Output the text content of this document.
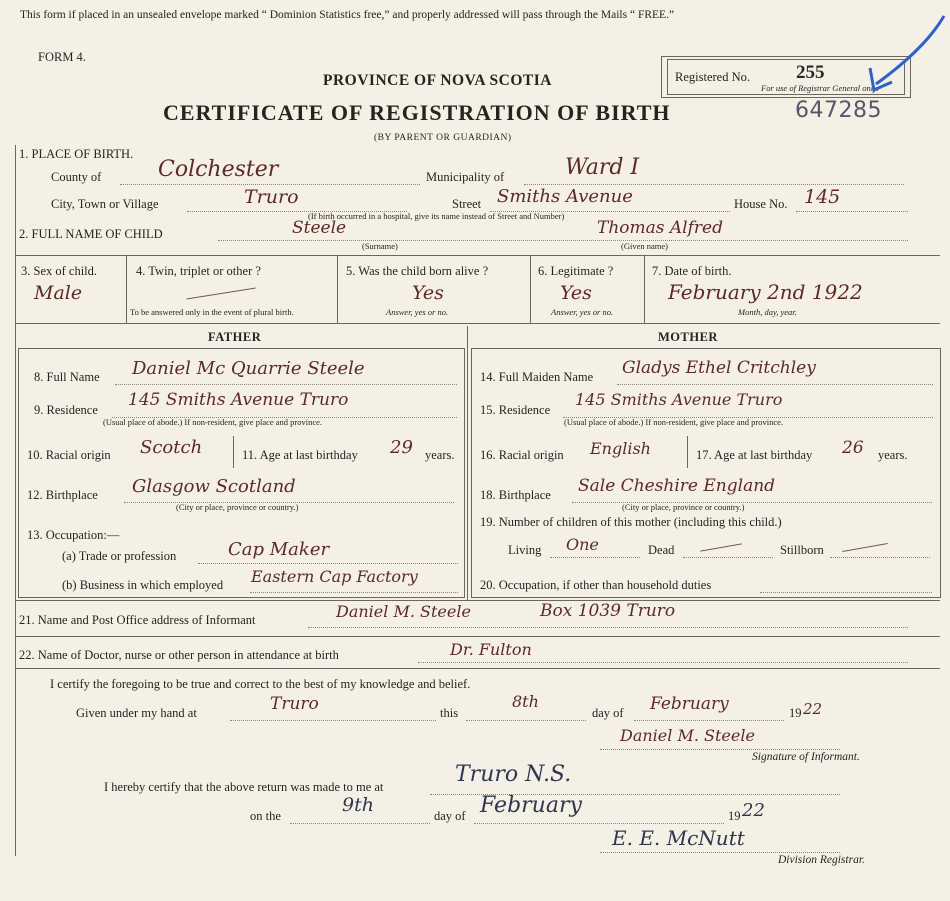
This form if placed in an unsealed envelope marked “ Dominion Statistics free,” and properly addressed will pass through the Mails “ FREE.”
FORM 4.
PROVINCE OF NOVA SCOTIA
CERTIFICATE OF REGISTRATION OF BIRTH
(BY PARENT OR GUARDIAN)
Registered No. 255
For use of Registrar General only.
647285
1. PLACE OF BIRTH.
County of	Colchester	Municipality of	Ward I
City, Town or Village	Truro	Street Smiths Avenue	House No. 145
(If birth occurred in a hospital, give its name instead of Street and Number)
2. FULL NAME OF CHILD	Steele	Thomas Alfred
(Surname)	(Given name)
3. Sex of child.
Male
4. Twin, triplet or other ?
To be answered only in the event of plural birth.
5. Was the child born alive ?
Yes
Answer, yes or no.
6. Legitimate ?
Yes
Answer, yes or no.
7. Date of birth.
February 2nd 1922
Month, day, year.
FATHER	MOTHER
8. Full Name Daniel Mc Quarrie Steele
9. Residence 145 Smiths Avenue Truro
(Usual place of abode.) If non-resident, give place and province.
10. Racial origin Scotch	11. Age at last birthday 29 years.
12. Birthplace Glasgow Scotland
(City or place, province or country.)
13. Occupation:—
(a) Trade or profession	Cap Maker
(b) Business in which employed Eastern Cap Factory
14. Full Maiden Name Gladys Ethel Critchley
15. Residence
145 Smiths Avenue Truro
(Usual place of abode.) If non-resident, give place and province.
16. Racial origin English	17. Age at last birthday 26 years.
18. Birthplace Sale Cheshire England
(City or place, province or country.)
19. Number of children of this mother (including this child.)
Living One	Dead	Stillborn
20. Occupation, if other than household duties
21. Name and Post Office address of Informant	Daniel M. Steele	Box 1039 Truro
22. Name of Doctor, nurse or other person in attendance at birth	Dr. Fulton
I certify the foregoing to be true and correct to the best of my knowledge and belief.
Given under my hand at	Truro	this
8th
day of February	19 22
Daniel M. Steele
Signature of Informant.
I hereby certify that the above return was made to me at	Truro N.S.
on the	9th	day of February	19 22
E. E. McNutt
Division Registrar.
